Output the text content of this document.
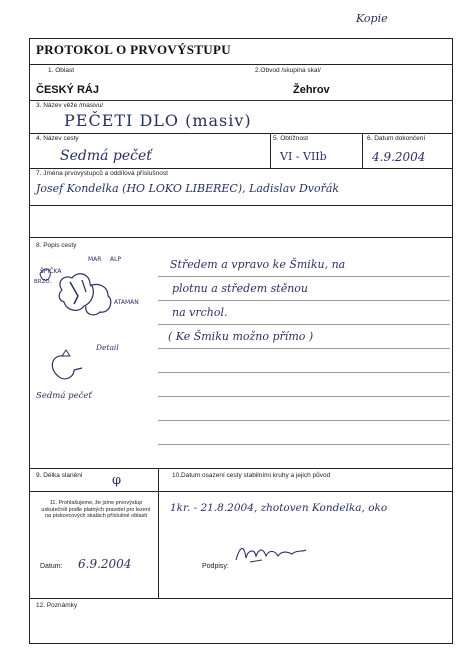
Kopie
PROTOKOL O PRVOVÝSTUPU
1. Oblast
ČESKÝ RÁJ
2.Obvod /skupina skal/
Žehrov
3. Název věže /masivu/
PEČETI DLO (masiv)
4. Název cesty
Sedmá pečeť
5. Obtížnost
VI - VIIb
6. Datum dokončení
4.9.2004
7. Jména prvovýstupců a oddílová příslušnost
Josef Kondelka (HO LOKO LIBEREC), Ladislav Dvořák
8. Popis cesty
Středem a vpravo ke Šmiku, na
plotnu a středem stěnou
na vrchol.
( Ke Šmiku možno přímo )
MAR ALP
ŠPIČKA
BRZD.
ATAMAN
Detail
Sedmá pečeť
9. Délka slanění φ	10.Datum osazení cesty stabilními kruhy a jejich původ
11. Prohlašujeme, že jsme prvovýstup uskutečnili podle platných pravidel pro lezení na pískovcových skalách příslušné oblasti
1kr. - 21.8.2004, zhotoven Kondelka, oko
Datum: 6.9.2004	Podpisy:
12. Poznámky
